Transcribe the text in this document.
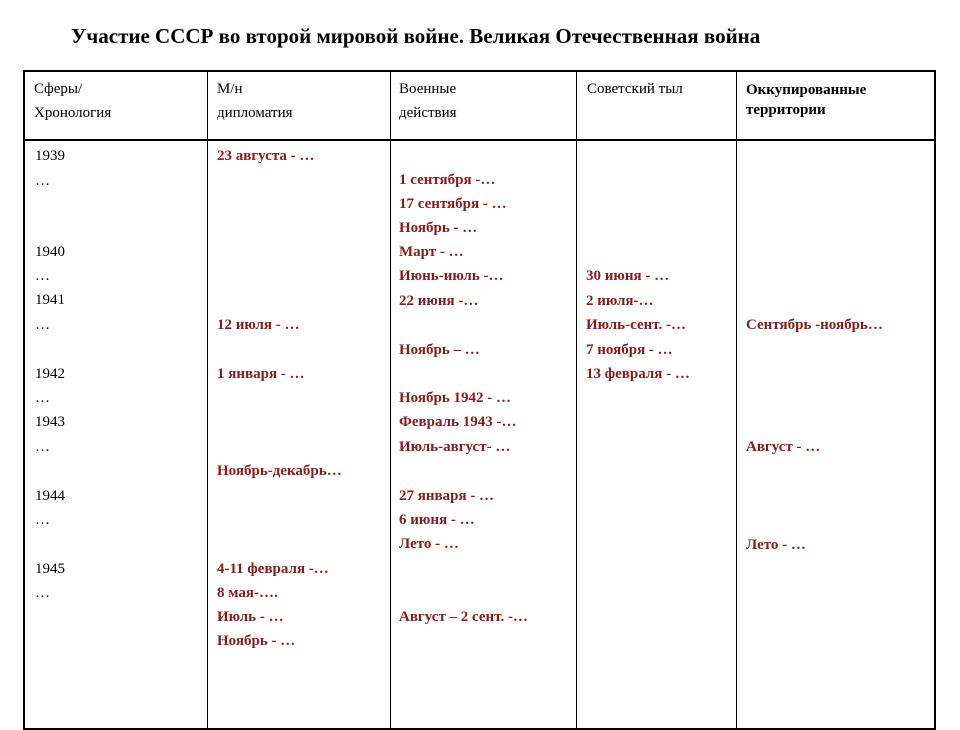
Участие СССР во второй мировой войне. Великая Отечественная война
Сферы/
Хронология
М/н
дипломатия
Военные
действия
Советский тыл	Оккупированные
территории
1939
…
1940
…
1941
…
1942
…
1943
…
1944
…
1945
…
23 августа - …
12 июля - …
1 января - …
Ноябрь-декабрь…
4-11 февраля -…
8 мая-….
Июль - …
Ноябрь - …
1 сентября -…
17 сентября - …
Ноябрь - …
Март - …
Июнь-июль -…
22 июня -…
Ноябрь – …
Ноябрь 1942 - …
Февраль 1943 -…
Июль-август- …
27 января - …
6 июня - …
Лето - …
Август – 2 сент. -…
30 июня - …
2 июля-…
Июль-сент. -…
7 ноября - …
13 февраля - …
Сентябрь -ноябрь…
Август - …
Лето - …
